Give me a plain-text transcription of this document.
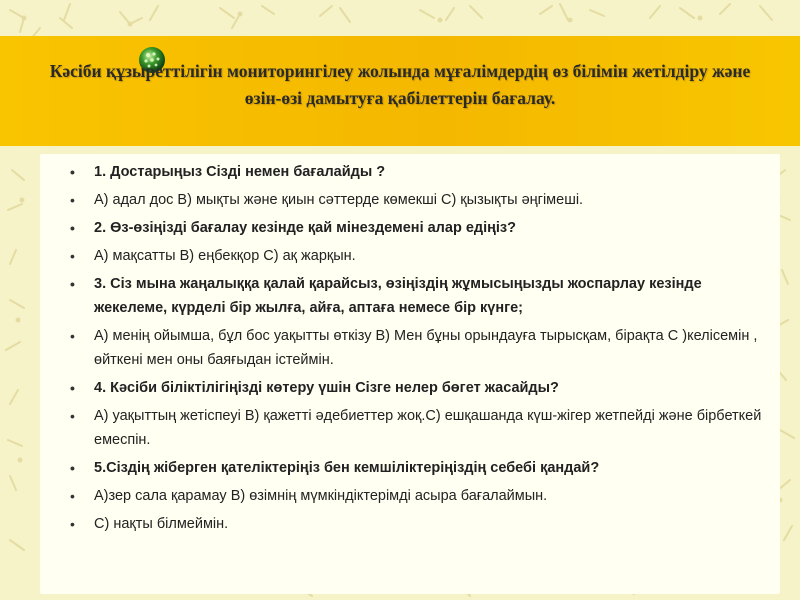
Кәсіби құзыреттілігін мониторингілеу жолында мұғалімдердің өз білімін жетілдіру және өзін-өзі дамытуға қабілеттерін бағалау.
• 1. Достарыңыз Сізді немен бағалайды ?
• А) адал дос В) мықты және қиын сәттерде көмекші С) қызықты әңгімеші.
• 2. Өз-өзіңізді бағалау кезінде қай мінездемені алар едіңіз?
• А) мақсатты В) еңбекқор С) ақ жарқын.
• 3. Сіз мына жаңалыққа қалай қарайсыз, өзіңіздің жұмысыңызды жоспарлау кезінде жекелеме, күрделі бір жылға, айға, аптаға немесе бір күнге;
• А) менің ойымша, бұл бос уақытты өткізу В) Мен бұны орындауға тырысқам, бірақта С )келісемін , өйткені мен оны баяғыдан істеймін.
• 4. Кәсіби біліктілігіңізді көтеру үшін Сізге нелер бөгет жасайды?
• А) уақыттың жетіспеуі В) қажетті әдебиеттер жоқ.С) ешқашанда күш-жігер жетпейді және бірбеткей емеспін.
• 5.Сіздің жіберген қателіктеріңіз бен кемшіліктеріңіздің себебі қандай?
• А)зер сала қарамау В) өзімнің мүмкіндіктерімді асыра бағалаймын.
• С) нақты білмеймін.
